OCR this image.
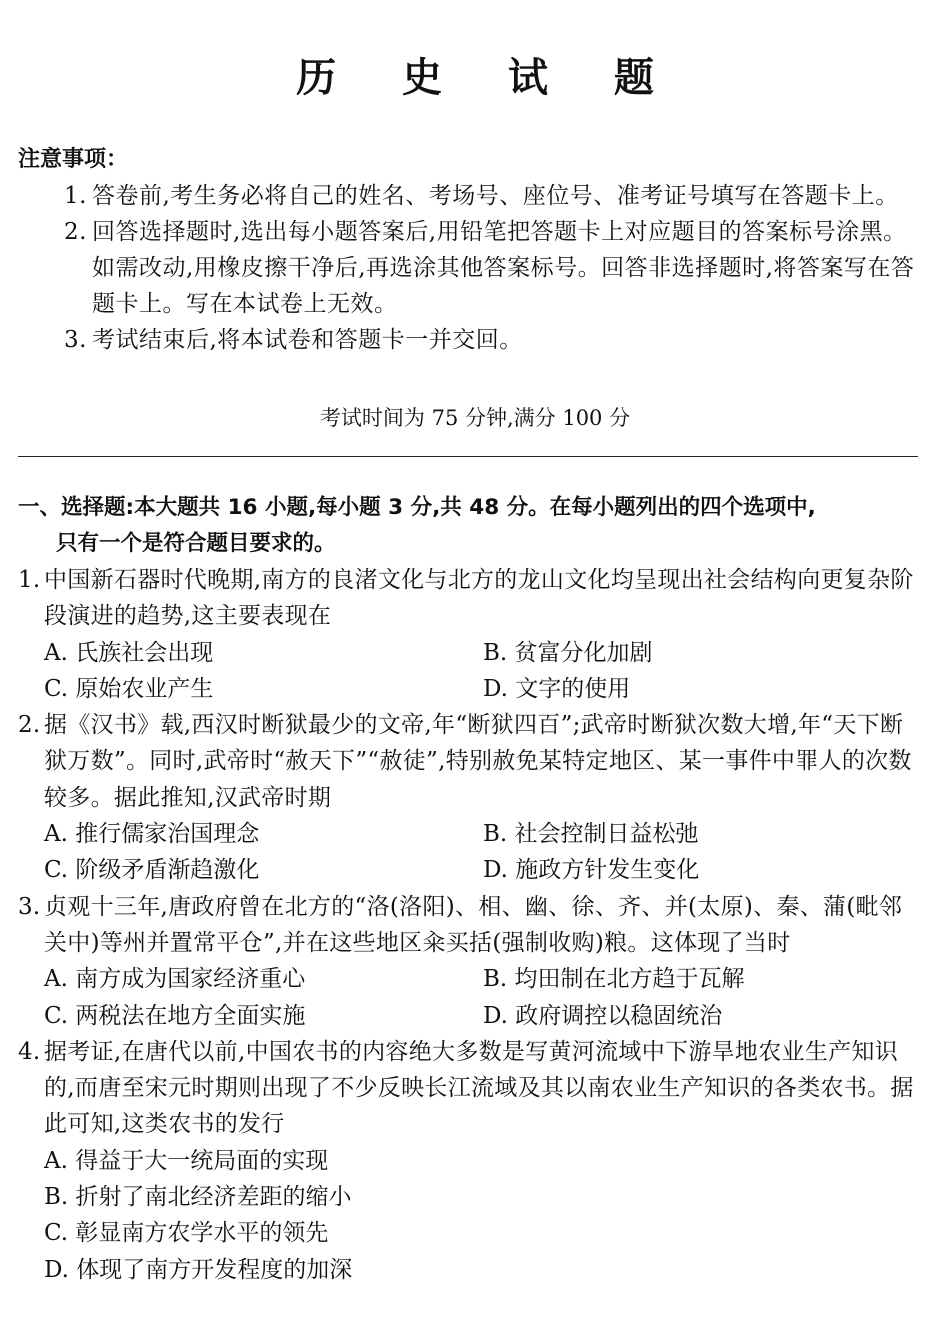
历 史 试 题
注意事项：
1. 答卷前,考生务必将自己的姓名、考场号、座位号、准考证号填写在答题卡上。
2. 回答选择题时,选出每小题答案后,用铅笔把答题卡上对应题目的答案标号涂黑。如需改动,用橡皮擦干净后,再选涂其他答案标号。回答非选择题时,将答案写在答题卡上。写在本试卷上无效。
3. 考试结束后,将本试卷和答题卡一并交回。
考试时间为 75 分钟,满分 100 分
一、选择题:本大题共 16 小题,每小题 3 分,共 48 分。在每小题列出的四个选项中,
只有一个是符合题目要求的。
1. 中国新石器时代晚期,南方的良渚文化与北方的龙山文化均呈现出社会结构向更复杂阶段演进的趋势,这主要表现在
A. 氏族社会出现	B. 贫富分化加剧
C. 原始农业产生	D. 文字的使用
2. 据《汉书》载,西汉时断狱最少的文帝,年“断狱四百”;武帝时断狱次数大增,年“天下断狱万数”。同时,武帝时“赦天下”“赦徒”,特别赦免某特定地区、某一事件中罪人的次数较多。据此推知,汉武帝时期
A. 推行儒家治国理念	B. 社会控制日益松弛
C. 阶级矛盾渐趋激化	D. 施政方针发生变化
3. 贞观十三年,唐政府曾在北方的“洛(洛阳)、相、幽、徐、齐、并(太原)、秦、蒲(毗邻关中)等州并置常平仓”,并在这些地区籴买括(强制收购)粮。这体现了当时
A. 南方成为国家经济重心	B. 均田制在北方趋于瓦解
C. 两税法在地方全面实施	D. 政府调控以稳固统治
4. 据考证,在唐代以前,中国农书的内容绝大多数是写黄河流域中下游旱地农业生产知识的,而唐至宋元时期则出现了不少反映长江流域及其以南农业生产知识的各类农书。据此可知,这类农书的发行
A. 得益于大一统局面的实现
B. 折射了南北经济差距的缩小
C. 彰显南方农学水平的领先
D. 体现了南方开发程度的加深
